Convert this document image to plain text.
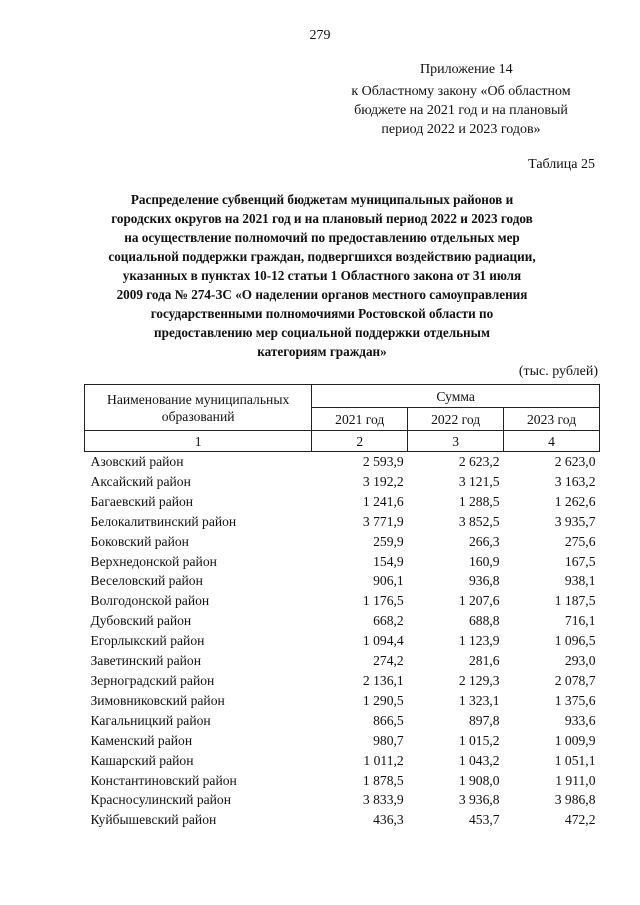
279
Приложение 14
к Областному закону «Об областном
бюджете на 2021 год и на плановый
период 2022 и 2023 годов»
Таблица 25
Распределение субвенций бюджетам муниципальных районов и
городских округов на 2021 год и на плановый период 2022 и 2023 годов
на осуществление полномочий по предоставлению отдельных мер
социальной поддержки граждан, подвергшихся воздействию радиации,
указанных в пунктах 10-12 статьи 1 Областного закона от 31 июля
2009 года № 274-ЗС «О наделении органов местного самоуправления
государственными полномочиями Ростовской области по
предоставлению мер социальной поддержки отдельным
категориям граждан»
(тыс. рублей)
Наименование муниципальных образований	Сумма		
	2021 год	2022 год	2023 год
1	2	3	4
Азовский район	2 593,9	2 623,2	2 623,0
Аксайский район	3 192,2	3 121,5	3 163,2
Багаевский район	1 241,6	1 288,5	1 262,6
Белокалитвинский район	3 771,9	3 852,5	3 935,7
Боковский район	259,9	266,3	275,6
Верхнедонской район	154,9	160,9	167,5
Веселовский район	906,1	936,8	938,1
Волгодонской район	1 176,5	1 207,6	1 187,5
Дубовский район	668,2	688,8	716,1
Егорлыкский район	1 094,4	1 123,9	1 096,5
Заветинский район	274,2	281,6	293,0
Зерноградский район	2 136,1	2 129,3	2 078,7
Зимовниковский район	1 290,5	1 323,1	1 375,6
Кагальницкий район	866,5	897,8	933,6
Каменский район	980,7	1 015,2	1 009,9
Кашарский район	1 011,2	1 043,2	1 051,1
Константиновский район	1 878,5	1 908,0	1 911,0
Красносулинский район	3 833,9	3 936,8	3 986,8
Куйбышевский район	436,3	453,7	472,2
